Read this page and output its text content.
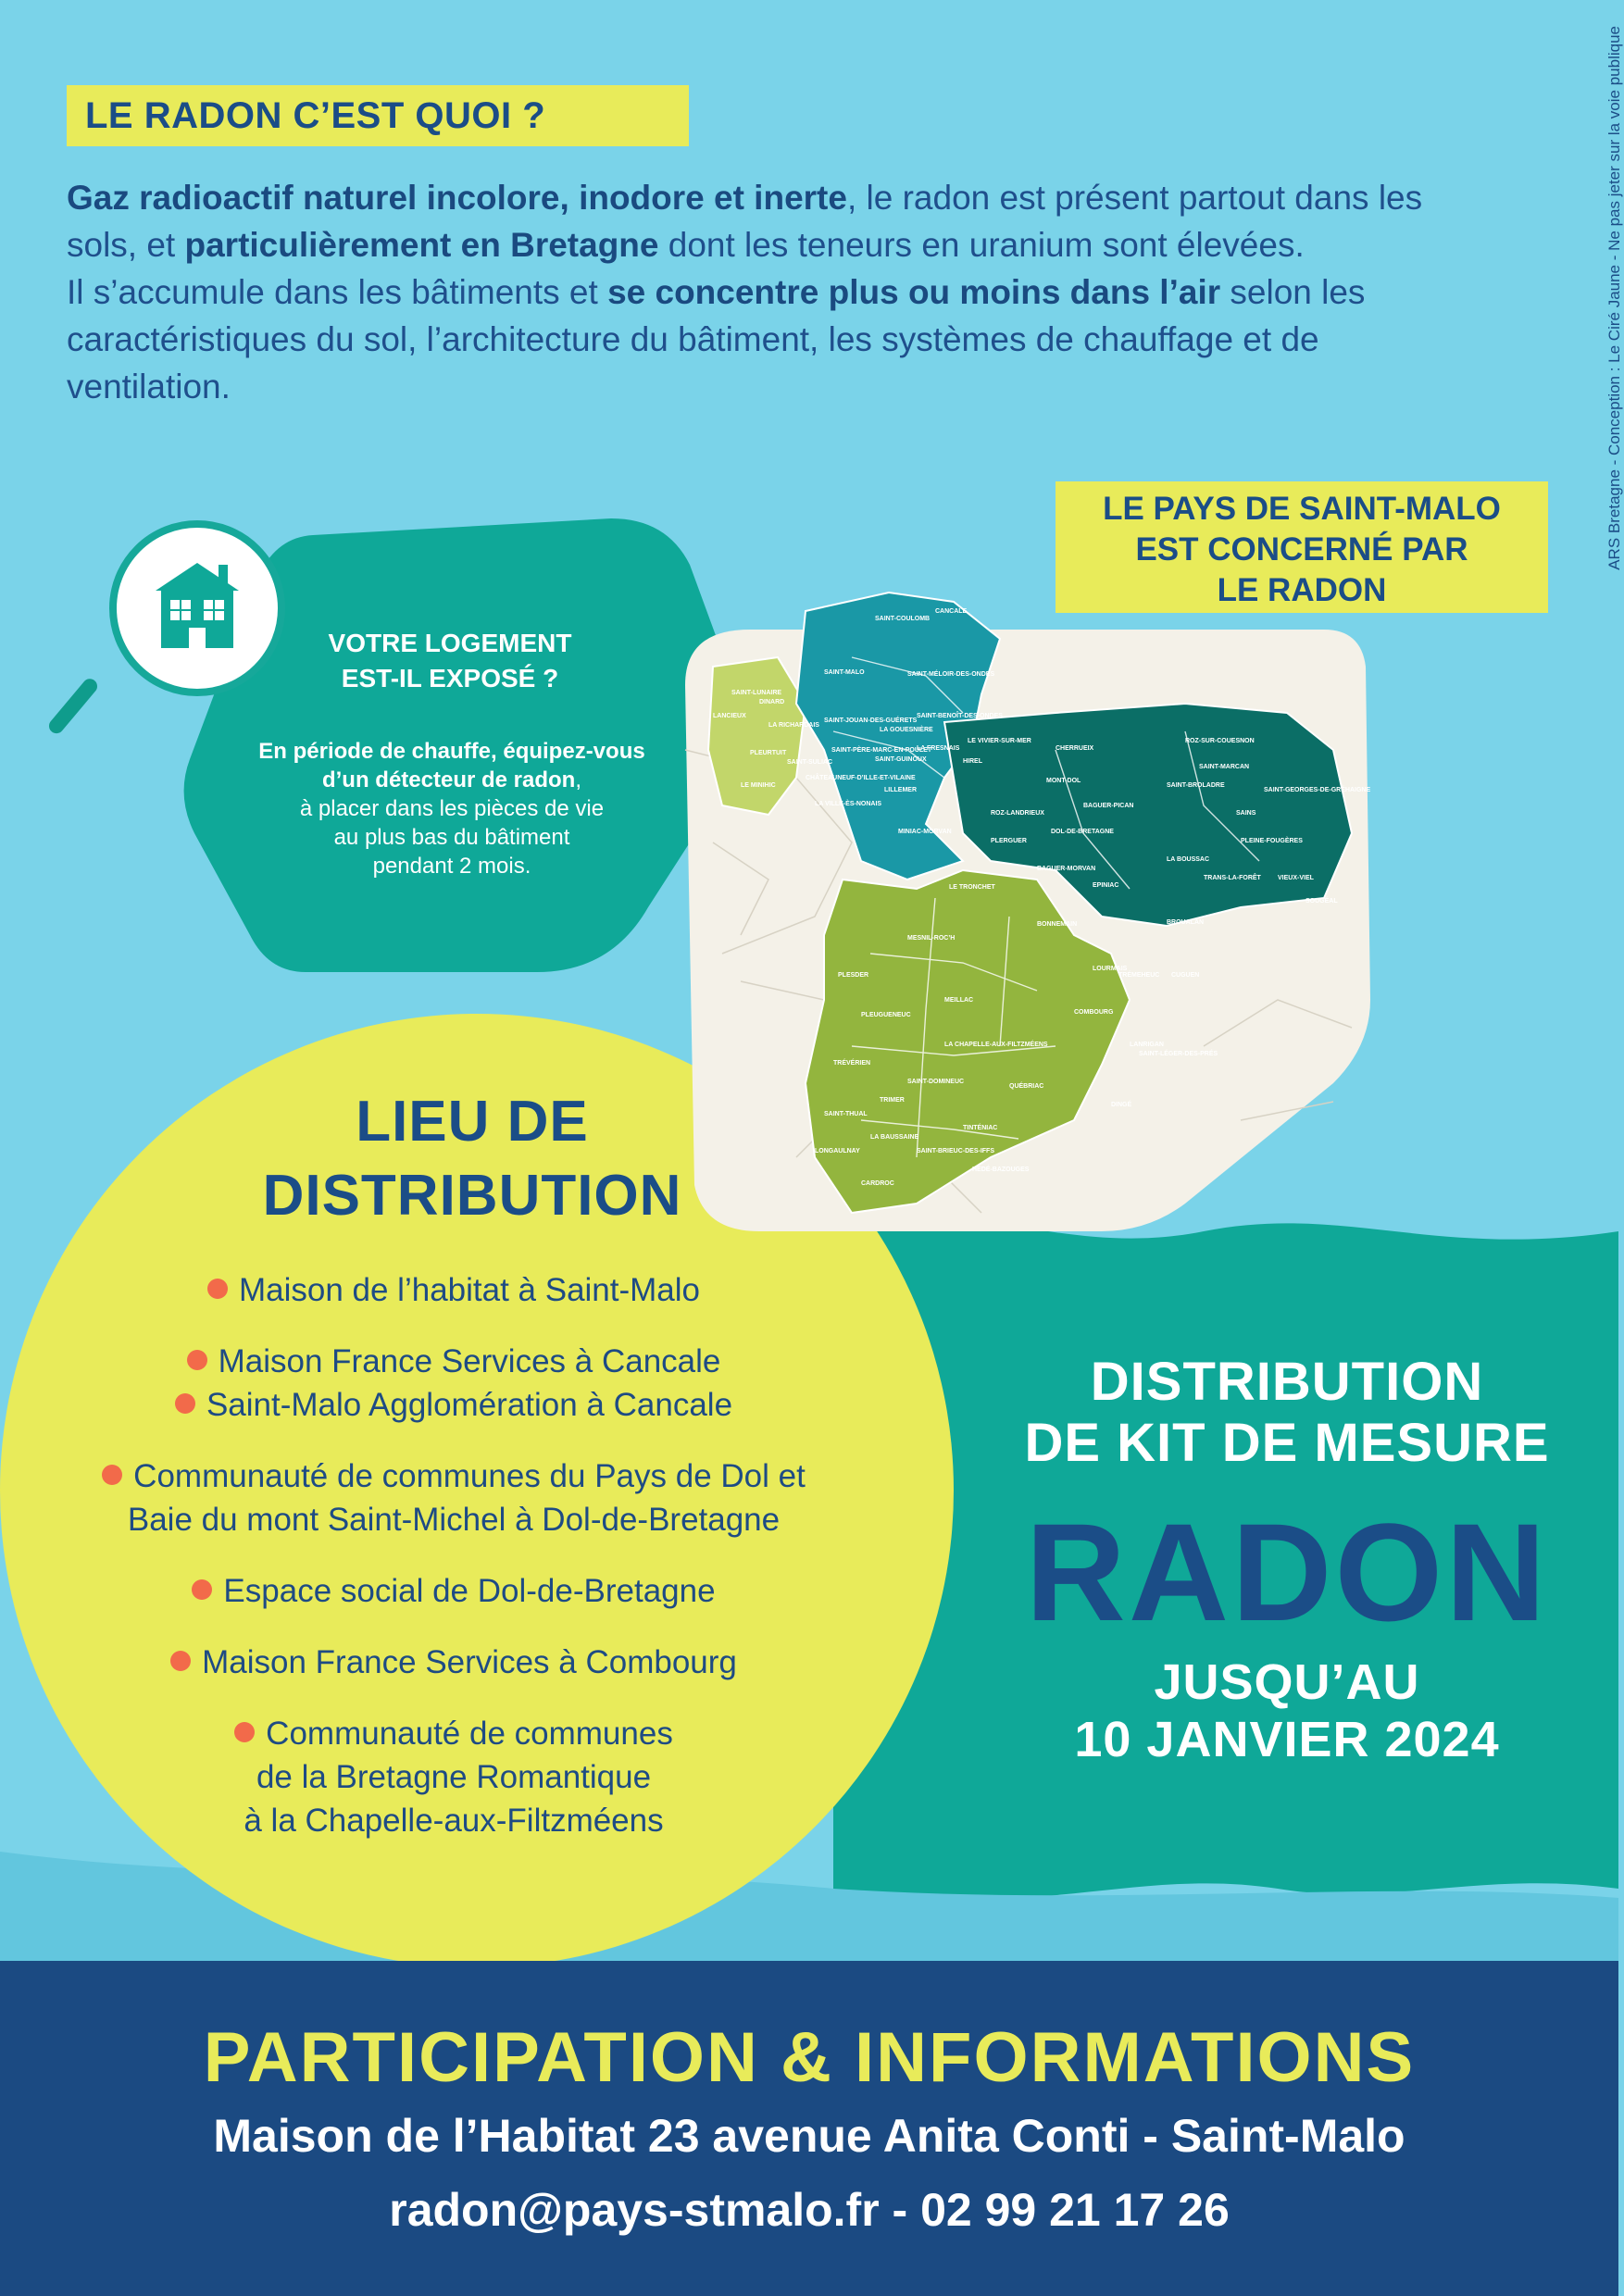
LE RADON C’EST QUOI ?

Gaz radioactif naturel incolore, inodore et inerte, le radon est présent partout dans les sols, et particulièrement en Bretagne dont les teneurs en uranium sont élevées.

Il s’accumule dans les bâtiments et se concentre plus ou moins dans l’air selon les caractéristiques du sol, l’architecture du bâtiment, les systèmes de chauffage et de ventilation.	ARS Bretagne - Conception : Le Ciré Jaune - Ne pas jeter sur la voie publique
SAINT-COULOMB
CANCALE
SAINT-MALO	SAINT-MÉLOIR-DES-ONDES
SAINT-JOUAN-DES-GUÉRETS
SAINT-BENOÎT-DES-ONDES
LA GOUESNIÈRE
LA FRESNAIS
SAINT-PÈRE-MARC-EN-POULET
SAINT-GUINOUX
LE VIVIER-SUR-MER
HIREL
CHERRUEIX
ROZ-SUR-COUESNON
SAINT-MARCAN
SAINT-BROLADRE
SAINT-GEORGES-DE-GRÉHAIGNE
SAINS
MONT-DOL
BAGUER-PICAN
ROZ-LANDRIEUX
DOL-DE-BRETAGNE
PLEINE-FOUGÈRES
LA BOUSSAC
CHÂTEAUNEUF-D’ILLE-ET-VILAINE
LA VILLE-ÈS-NONAIS
LILLEMER
MINIAC-MORVAN
PLERGUER
BAGUER-MORVAN
EPINIAC
TRANS-LA-FORÊT	VIEUX-VIEL
SOUGÉAL
LE TRONCHET
BROUALAN
SAINT-LUNAIRE
LANCIEUX
DINARD
PLEURTUIT
LA RICHARDAIS
LE MINIHIC
SAINT-SULIAC
MESNIL-ROC’H
BONNEMAIN
LOURMAIS
TRÉMEHEUC CUGUEN
PLESDER
MEILLAC
COMBOURG
PLEUGUENEUC
LA CHAPELLE-AUX-FILTZMÉENS	LANRIGAN
SAINT-LÉGER-DES-PRÉS
TRÉVÉRIEN
SAINT-DOMINEUC
QUÉBRIAC
DINGÉ
TRIMER
SAINT-THUAL
TINTÉNIAC
LA BAUSSAINE
LONGAULNAY	SAINT-BRIEUC-DES-IFFS
HÉDÉ-BAZOUGES
CARDROC
LE PAYS DE SAINT-MALO
EST CONCERNÉ PAR
LE RADON
VOTRE LOGEMENT
EST-IL EXPOSÉ ?
En période de chauffe, équipez-vous
d’un détecteur de radon,
à placer dans les pièces de vie
au plus bas du bâtiment
pendant 2 mois.
LIEU DE
DISTRIBUTION
Maison de l’habitat à Saint-Malo
Maison France Services à Cancale
Saint-Malo Agglomération à Cancale
Communauté de communes du Pays de Dol et
Baie du mont Saint-Michel à Dol-de-Bretagne
Espace social de Dol-de-Bretagne
Maison France Services à Combourg
Communauté de communes
de la Bretagne Romantique
à la Chapelle-aux-Filtzméens
DISTRIBUTION
DE KIT DE MESURE
RADON
JUSQU’AU
10 JANVIER 2024
PARTICIPATION & INFORMATIONS
Maison de l’Habitat 23 avenue Anita Conti - Saint-Malo
radon@pays-stmalo.fr - 02 99 21 17 26
